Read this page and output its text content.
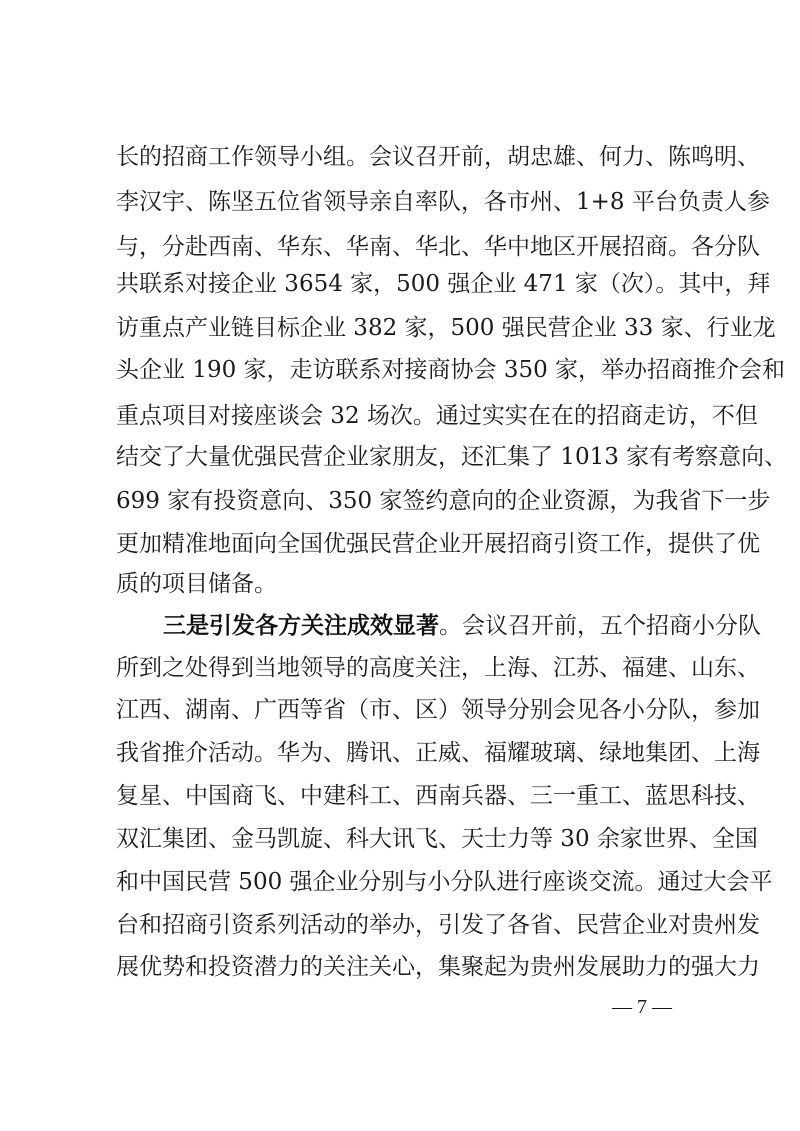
长的招商工作领导小组。会议召开前，胡忠雄、何力、陈鸣明、
李汉宇、陈坚五位省领导亲自率队，各市州、1+8 平台负责人参
与，分赴西南、华东、华南、华北、华中地区开展招商。各分队
共联系对接企业 3654 家，500 强企业 471 家（次）。其中，拜
访重点产业链目标企业 382 家，500 强民营企业 33 家、行业龙
头企业 190 家，走访联系对接商协会 350 家，举办招商推介会和
重点项目对接座谈会 32 场次。通过实实在在的招商走访，不但
结交了大量优强民营企业家朋友，还汇集了 1013 家有考察意向、
699 家有投资意向、350 家签约意向的企业资源，为我省下一步
更加精准地面向全国优强民营企业开展招商引资工作，提供了优
质的项目储备。
三是引发各方关注成效显著。会议召开前，五个招商小分队
所到之处得到当地领导的高度关注，上海、江苏、福建、山东、
江西、湖南、广西等省（市、区）领导分别会见各小分队，参加
我省推介活动。华为、腾讯、正威、福耀玻璃、绿地集团、上海
复星、中国商飞、中建科工、西南兵器、三一重工、蓝思科技、
双汇集团、金马凯旋、科大讯飞、天士力等 30 余家世界、全国
和中国民营 500 强企业分别与小分队进行座谈交流。通过大会平
台和招商引资系列活动的举办，引发了各省、民营企业对贵州发
展优势和投资潜力的关注关心，集聚起为贵州发展助力的强大力
— 7 —
